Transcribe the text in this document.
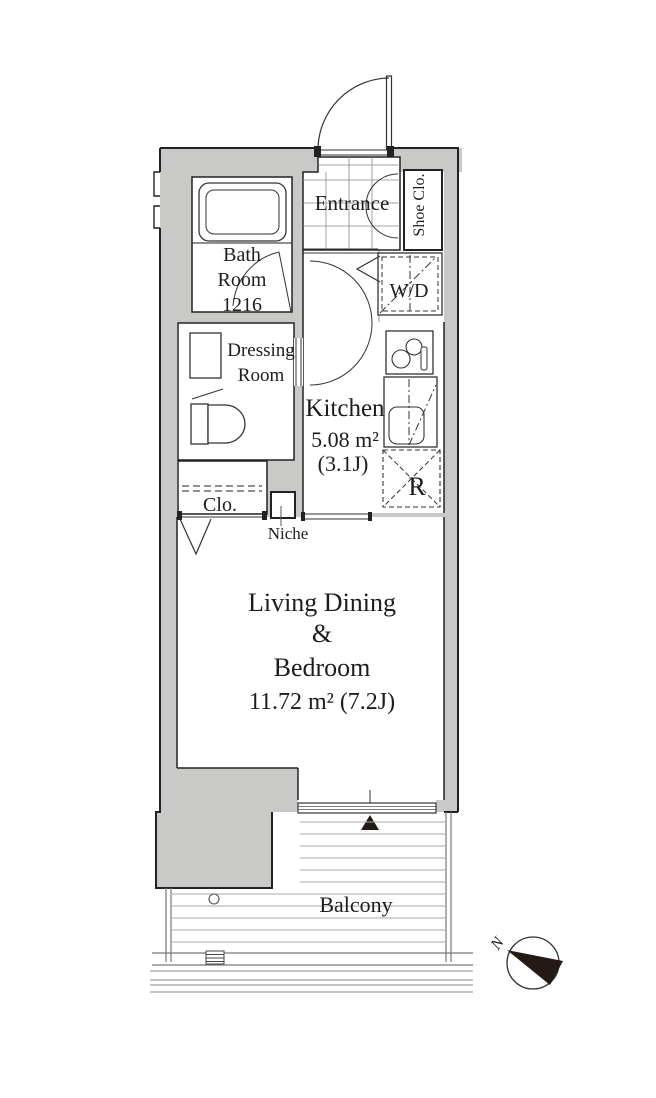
N
Entrance Shoe Clo.
Bath
Room
1216
W/D
Dressing
Room
Kitchen
5.08 m²
(3.1J)
R
Clo.
Niche
Living Dining
&
Bedroom
11.72 m² (7.2J)
Balcony
